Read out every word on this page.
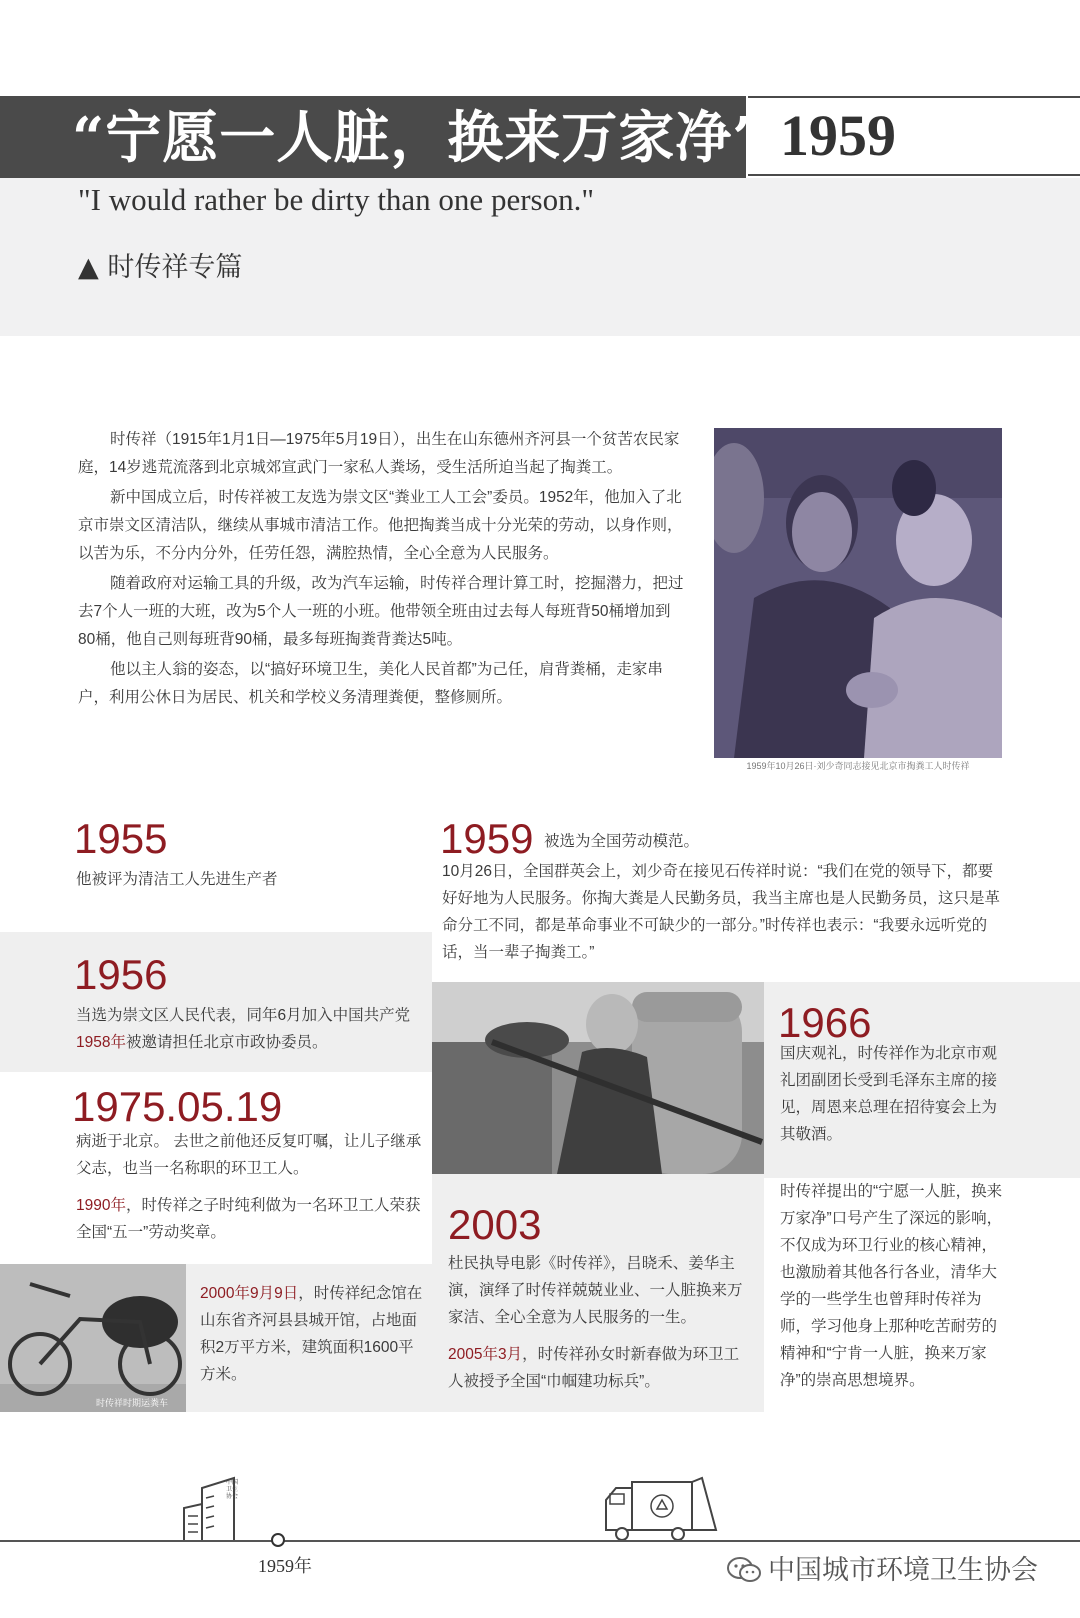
“宁愿一人脏，换来万家净” 1959
"I would rather be dirty than one person."
▲ 时传祥专篇

时传祥（1915年1月1日—1975年5月19日），出生在山东德州齐河县一个贫苦农民家庭，14岁逃荒流落到北京城郊宣武门一家私人粪场，受生活所迫当起了掏粪工。

新中国成立后，时传祥被工友选为崇文区“粪业工人工会”委员。1952年，他加入了北京市崇文区清洁队，继续从事城市清洁工作。他把掏粪当成十分光荣的劳动，以身作则，以苦为乐，不分内分外，任劳任怨，满腔热情，全心全意为人民服务。

随着政府对运输工具的升级，改为汽车运输，时传祥合理计算工时，挖掘潜力，把过去7个人一班的大班，改为5个人一班的小班。他带领全班由过去每人每班背50桶增加到80桶，他自己则每班背90桶，最多每班掏粪背粪达5吨。

他以主人翁的姿态，以“搞好环境卫生，美化人民首都”为己任，肩背粪桶，走家串户，利用公休日为居民、机关和学校义务清理粪便，整修厕所。

1959年10月26日·刘少奇同志接见北京市掏粪工人时传祥
1955
他被评为清洁工人先进生产者
1959 被选为全国劳动模范。
10月26日，全国群英会上，刘少奇在接见石传祥时说：“我们在党的领导下，都要好好地为人民服务。你掏大粪是人民勤务员，我当主席也是人民勤务员，这只是革命分工不同，都是革命事业不可缺少的一部分。”时传祥也表示：“我要永远听党的话，当一辈子掏粪工。”
1956

当选为崇文区人民代表，同年6月加入中国共产党

1958年被邀请担任北京市政协委员。

1975.05.19

病逝于北京。 去世之前他还反复叮嘱，让儿子继承父志，也当一名称职的环卫工人。

1990年，时传祥之子时纯利做为一名环卫工人荣获全国“五一”劳动奖章。

1966
国庆观礼，时传祥作为北京市观礼团副团长受到毛泽东主席的接见，周恩来总理在招待宴会上为其敬酒。
时传祥提出的“宁愿一人脏，换来万家净”口号产生了深远的影响，不仅成为环卫行业的核心精神，也激励着其他各行各业，清华大学的一些学生也曾拜时传祥为师，学习他身上那种吃苦耐劳的精神和“宁肯一人脏，换来万家净”的崇高思想境界。
2003

杜民执导电影《时传祥》，吕晓禾、姜华主演，演绎了时传祥兢兢业业、一人脏换来万家洁、全心全意为人民服务的一生。

2005年3月，时传祥孙女时新春做为环卫工人被授予全国“巾帼建功标兵”。

时传祥时期运粪车

2000年9月9日，时传祥纪念馆在山东省齐河县县城开馆，占地面积2万平方米，建筑面积1600平方米。

中国卫生协会
1959年	中国城市环境卫生协会
